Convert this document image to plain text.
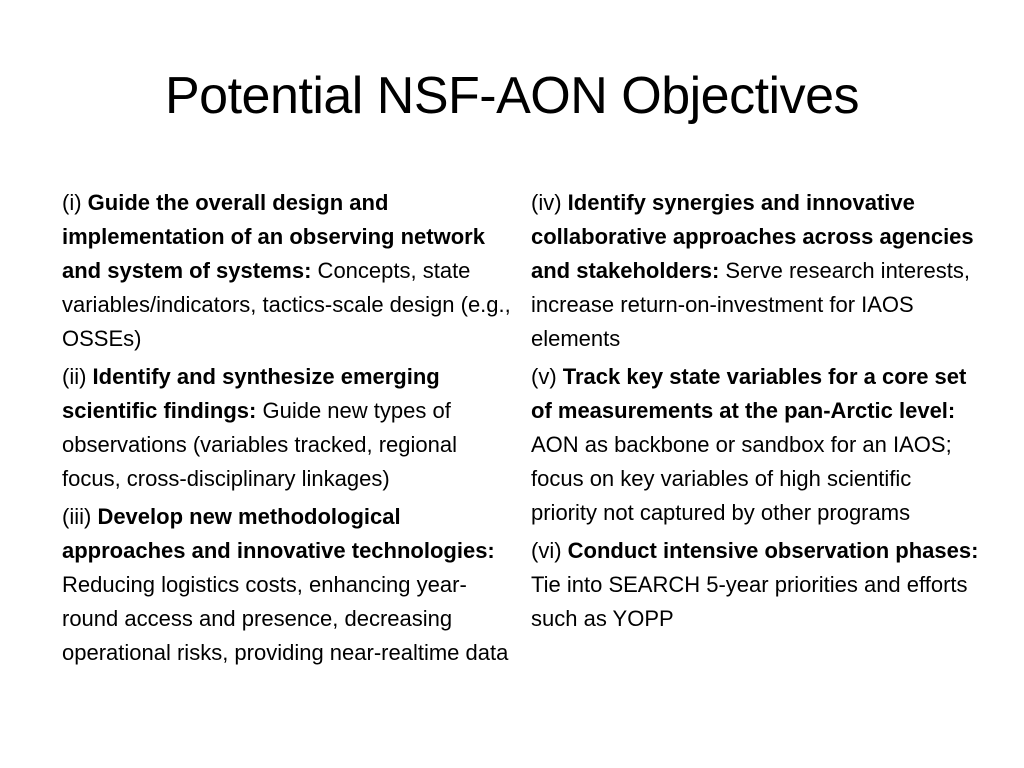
Potential NSF-AON Objectives

(i) Guide the overall design and implementation of an observing network and system of systems: Concepts, state variables/indicators, tactics-scale design (e.g., OSSEs)

(ii) Identify and synthesize emerging scientific findings: Guide new types of observations (variables tracked, regional focus, cross-disciplinary linkages)

(iii) Develop new methodological approaches and innovative technologies: Reducing logistics costs, enhancing year-round access and presence, decreasing operational risks, providing near-realtime data

(iv) Identify synergies and innovative collaborative approaches across agencies and stakeholders: Serve research interests, increase return-on-investment for IAOS elements

(v) Track key state variables for a core set of measurements at the pan-Arctic level: AON as backbone or sandbox for an IAOS; focus on key variables of high scientific priority not captured by other programs

(vi) Conduct intensive observation phases: Tie into SEARCH 5-year priorities and efforts such as YOPP
